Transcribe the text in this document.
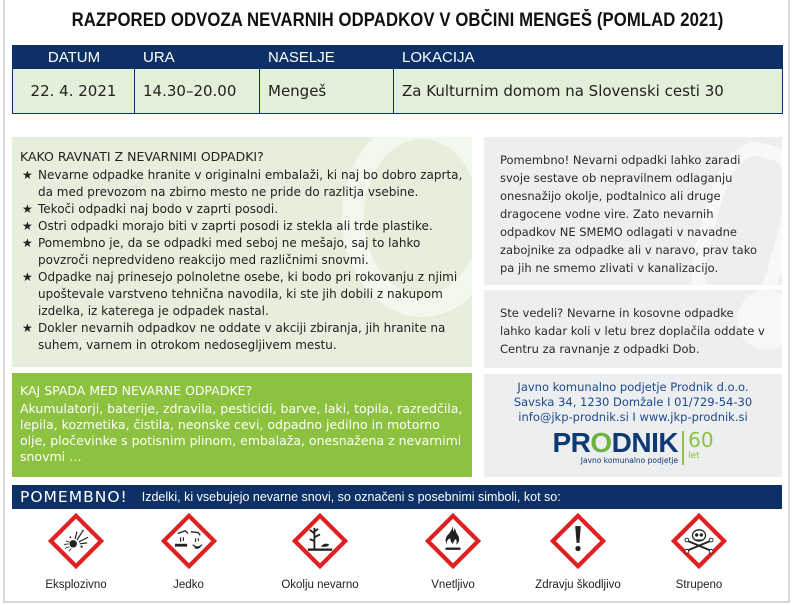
RAZPORED ODVOZA NEVARNIH ODPADKOV V OBČINI MENGEŠ (POMLAD 2021)
DATUM	URA	NASELJE	LOKACIJA
22. 4. 2021	14.30–20.00	Mengeš	Za Kulturnim domom na Slovenski cesti 30
KAKO RAVNATI Z NEVARNIMI ODPADKI?
★ Nevarne odpadke hranite v originalni embalaži, ki naj bo dobro zaprta, da med prevozom na zbirno mesto ne pride do razlitja vsebine.
★ Tekoči odpadki naj bodo v zaprti posodi.
★ Ostri odpadki morajo biti v zaprti posodi iz stekla ali trde plastike.
★ Pomembno je, da se odpadki med seboj ne mešajo, saj to lahko povzroči nepredvideno reakcijo med različnimi snovmi.
★ Odpadke naj prinesejo polnoletne osebe, ki bodo pri rokovanju z njimi upoštevale varstveno tehnična navodila, ki ste jih dobili z nakupom izdelka, iz katerega je odpadek nastal.
★ Dokler nevarnih odpadkov ne oddate v akciji zbiranja, jih hranite na suhem, varnem in otrokom nedosegljivem mestu.
KAJ SPADA MED NEVARNE ODPADKE?

Akumulatorji, baterije, zdravila, pesticidi, barve, laki, topila, razredčila, lepila, kozmetika, čistila, neonske cevi, odpadno jedilno in motorno olje, pločevinke s potisnim plinom, embalaža, onesnažena z nevarnimi snovmi …

Pomembno! Nevarni odpadki lahko zaradi svoje sestave ob nepravilnem odlaganju onesnažijo okolje, podtalnico ali druge dragocene vodne vire. Zato nevarnih odpadkov NE SMEMO odlagati v navadne zabojnike za odpadke ali v naravo, prav tako pa jih ne smemo zlivati v kanalizacijo.

Ste vedeli? Nevarne in kosovne odpadke lahko kadar koli v letu brez doplačila oddate v Centru za ravnanje z odpadki Dob.

Javno komunalno podjetje Prodnik d.o.o.
Savska 34, 1230 Domžale I 01/729-54-30
info@jkp-prodnik.si I www.jkp-prodnik.si
PRODNIK
Javno komunalno podjetje
60
let
POMEMBNO! Izdelki, ki vsebujejo nevarne snovi, so označeni s posebnimi simboli, kot so:
Eksplozivno	Jedko	Okolju nevarno	Vnetljivo	Zdravju škodljivo	Strupeno
